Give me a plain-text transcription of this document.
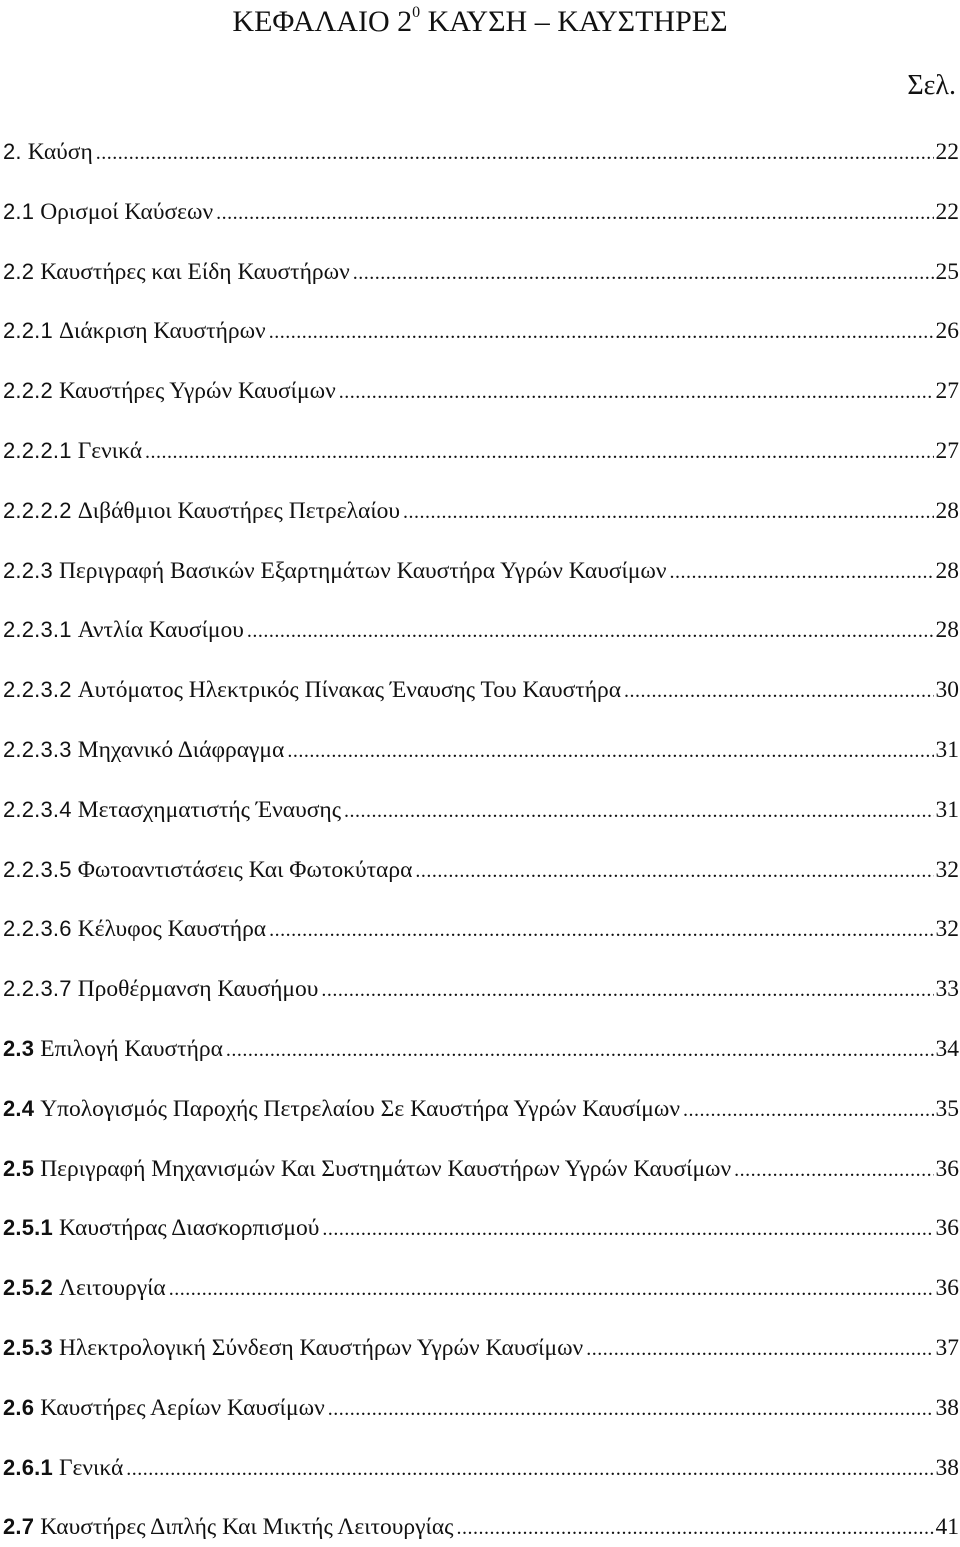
ΚΕΦΑΛΑΙΟ $2^0$ ΚΑΥΣΗ – ΚΑΥΣΤΗΡΕΣ
Σελ.
2. Καύση .....	22
2.1 Ορισμοί Καύσεων .....	22
2.2 Καυστήρες και Είδη Καυστήρων .....	25
2.2.1 Διάκριση Καυστήρων .....	26
2.2.2 Καυστήρες Υγρών Καυσίμων .....	27
2.2.2.1 Γενικά .....	27
2.2.2.2 Διβάθμιοι Καυστήρες Πετρελαίου .....	28
2.2.3 Περιγραφή Βασικών Εξαρτημάτων Καυστήρα Υγρών Καυσίμων .....	28
2.2.3.1 Αντλία Καυσίμου .....	28
2.2.3.2 Αυτόματος Ηλεκτρικός Πίνακας Έναυσης Του Καυστήρα .....	30
2.2.3.3 Μηχανικό Διάφραγμα .....	31
2.2.3.4 Μετασχηματιστής Έναυσης .....	31
2.2.3.5 Φωτοαντιστάσεις Και Φωτοκύταρα .....	32
2.2.3.6 Κέλυφος Καυστήρα .....	32
2.2.3.7 Προθέρμανση Καυσήμου .....	33
2.3 Επιλογή Καυστήρα .....	34
2.4 Υπολογισμός Παροχής Πετρελαίου Σε Καυστήρα Υγρών Καυσίμων .....	35
2.5 Περιγραφή Μηχανισμών Και Συστημάτων Καυστήρων Υγρών Καυσίμων .....	36
2.5.1 Καυστήρας Διασκορπισμού .....	36
2.5.2 Λειτουργία .....	36
2.5.3 Ηλεκτρολογική Σύνδεση Καυστήρων Υγρών Καυσίμων .....	37
2.6 Καυστήρες Αερίων Καυσίμων .....	38
2.6.1 Γενικά .....	38
2.7 Καυστήρες Διπλής Και Μικτής Λειτουργίας .....	41
